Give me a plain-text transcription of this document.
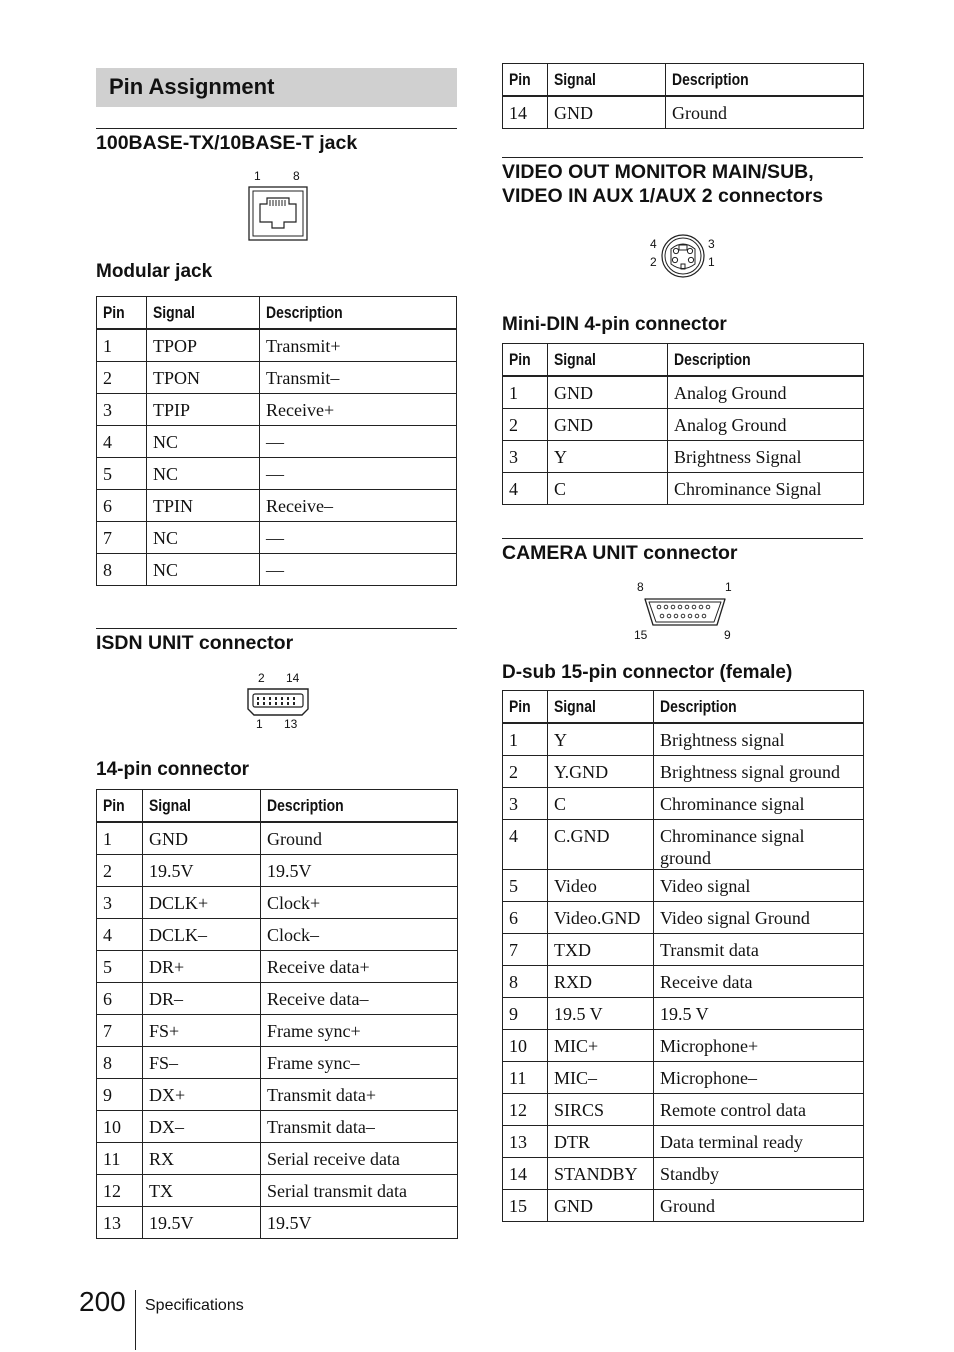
Pin Assignment
100BASE-TX/10BASE-T jack
1	8
Modular jack
Pin	Signal	Description
1	TPOP	Transmit+
2	TPON	Transmit–
3	TPIP	Receive+
4	NC	—
5	NC	—
6	TPIN	Receive–
7	NC	—
8	NC	—
ISDN UNIT connector
2 14
1 13
14-pin connector
Pin	Signal	Description
1	GND	Ground
2	19.5V	19.5V
3	DCLK+	Clock+
4	DCLK–	Clock–
5	DR+	Receive data+
6	DR–	Receive data–
7	FS+	Frame sync+
8	FS–	Frame sync–
9	DX+	Transmit data+
10	DX–	Transmit data–
11	RX	Serial receive data
12	TX	Serial transmit data
13	19.5V	19.5V
Pin	Signal	Description
14	GND	Ground
VIDEO OUT MONITOR MAIN/SUB,
VIDEO IN AUX 1/AUX 2 connectors
4	3
2	1
Mini-DIN 4-pin connector
Pin	Signal	Description
1	GND	Analog Ground
2	GND	Analog Ground
3	Y	Brightness Signal
4	C	Chrominance Signal
CAMERA UNIT connector
8	1
15	9
D-sub 15-pin connector (female)
Pin	Signal	Description
1	Y	Brightness signal
2	Y.GND	Brightness signal ground
3	C	Chrominance signal
4	C.GND	Chrominance signal ground
5	Video	Video signal
6	Video.GND	Video signal Ground
7	TXD	Transmit data
8	RXD	Receive data
9	19.5 V	19.5 V
10	MIC+	Microphone+
11	MIC–	Microphone–
12	SIRCS	Remote control data
13	DTR	Data terminal ready
14	STANDBY	Standby
15	GND	Ground
200 Specifications
